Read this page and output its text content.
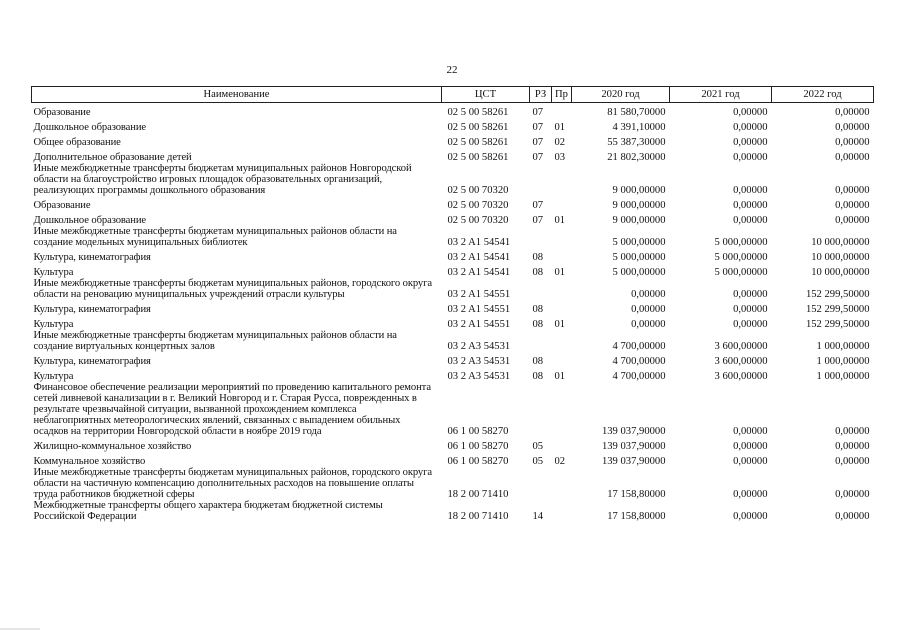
22
Наименование	ЦСТ	РЗ	Пр	2020 год	2021 год	2022 год
Образование	02 5 00 58261	07		81 580,70000	0,00000	0,00000
Дошкольное образование	02 5 00 58261	07	01	4 391,10000	0,00000	0,00000
Общее образование	02 5 00 58261	07	02	55 387,30000	0,00000	0,00000
Дополнительное образование детей	02 5 00 58261	07	03	21 802,30000	0,00000	0,00000
Иные межбюджетные трансферты бюджетам муниципальных районов Новгородской области на благоустройство игровых площадок образовательных организаций, реализующих программы дошкольного образования	02 5 00 70320			9 000,00000	0,00000	0,00000
Образование	02 5 00 70320	07		9 000,00000	0,00000	0,00000
Дошкольное образование	02 5 00 70320	07	01	9 000,00000	0,00000	0,00000
Иные межбюджетные трансферты бюджетам муниципальных районов области на создание модельных муниципальных библиотек	03 2 A1 54541			5 000,00000	5 000,00000	10 000,00000
Культура, кинематография	03 2 A1 54541	08		5 000,00000	5 000,00000	10 000,00000
Культура	03 2 A1 54541	08	01	5 000,00000	5 000,00000	10 000,00000
Иные межбюджетные трансферты бюджетам муниципальных районов, городского округа области на реновацию муниципальных учреждений отрасли культуры	03 2 A1 54551			0,00000	0,00000	152 299,50000
Культура, кинематография	03 2 A1 54551	08		0,00000	0,00000	152 299,50000
Культура	03 2 A1 54551	08	01	0,00000	0,00000	152 299,50000
Иные межбюджетные трансферты бюджетам муниципальных районов области на создание виртуальных концертных залов	03 2 A3 54531			4 700,00000	3 600,00000	1 000,00000
Культура, кинематография	03 2 A3 54531	08		4 700,00000	3 600,00000	1 000,00000
Культура	03 2 A3 54531	08	01	4 700,00000	3 600,00000	1 000,00000
Финансовое обеспечение реализации мероприятий по проведению капитального ремонта сетей ливневой канализации в г. Великий Новгород и г. Старая Русса, поврежденных в результате чрезвычайной ситуации, вызванной прохождением комплекса неблагоприятных метеорологических явлений, связанных с выпадением обильных осадков на территории Новгородской области в ноябре 2019 года	06 1 00 58270			139 037,90000	0,00000	0,00000
Жилищно-коммунальное хозяйство	06 1 00 58270	05		139 037,90000	0,00000	0,00000
Коммунальное хозяйство	06 1 00 58270	05	02	139 037,90000	0,00000	0,00000
Иные межбюджетные трансферты бюджетам муниципальных районов, городского округа области на частичную компенсацию дополнительных расходов на повышение оплаты труда работников бюджетной сферы	18 2 00 71410			17 158,80000	0,00000	0,00000
Межбюджетные трансферты общего характера бюджетам бюджетной системы Российской Федерации	18 2 00 71410	14		17 158,80000	0,00000	0,00000
